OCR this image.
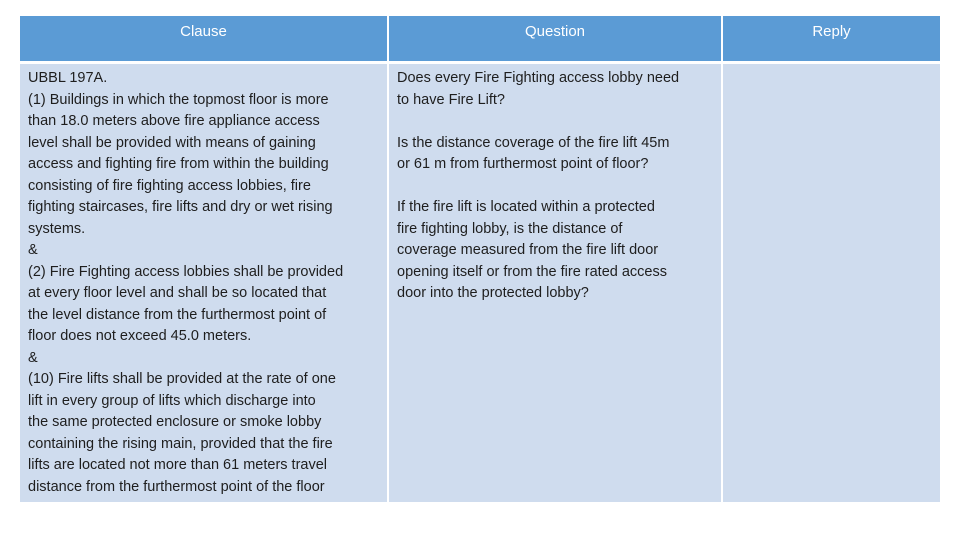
Clause	Question	Reply
UBBL 197A.
(1) Buildings in which the topmost floor is more
than 18.0 meters above fire appliance access
level shall be provided with means of gaining
access and fighting fire from within the building
consisting of fire fighting access lobbies, fire
fighting staircases, fire lifts and dry or wet rising
systems.
&
(2) Fire Fighting access lobbies shall be provided
at every floor level and shall be so located that
the level distance from the furthermost point of
floor does not exceed 45.0 meters.
&
(10) Fire lifts shall be provided at the rate of one
lift in every group of lifts which discharge into
the same protected enclosure or smoke lobby
containing the rising main, provided that the fire
lifts are located not more than 61 meters travel
distance from the furthermost point of the floor
Does every Fire Fighting access lobby need
to have Fire Lift?
Is the distance coverage of the fire lift 45m
or 61 m from furthermost point of floor?
If the fire lift is located within a protected
fire fighting lobby, is the distance of
coverage measured from the fire lift door
opening itself or from the fire rated access
door into the protected lobby?
